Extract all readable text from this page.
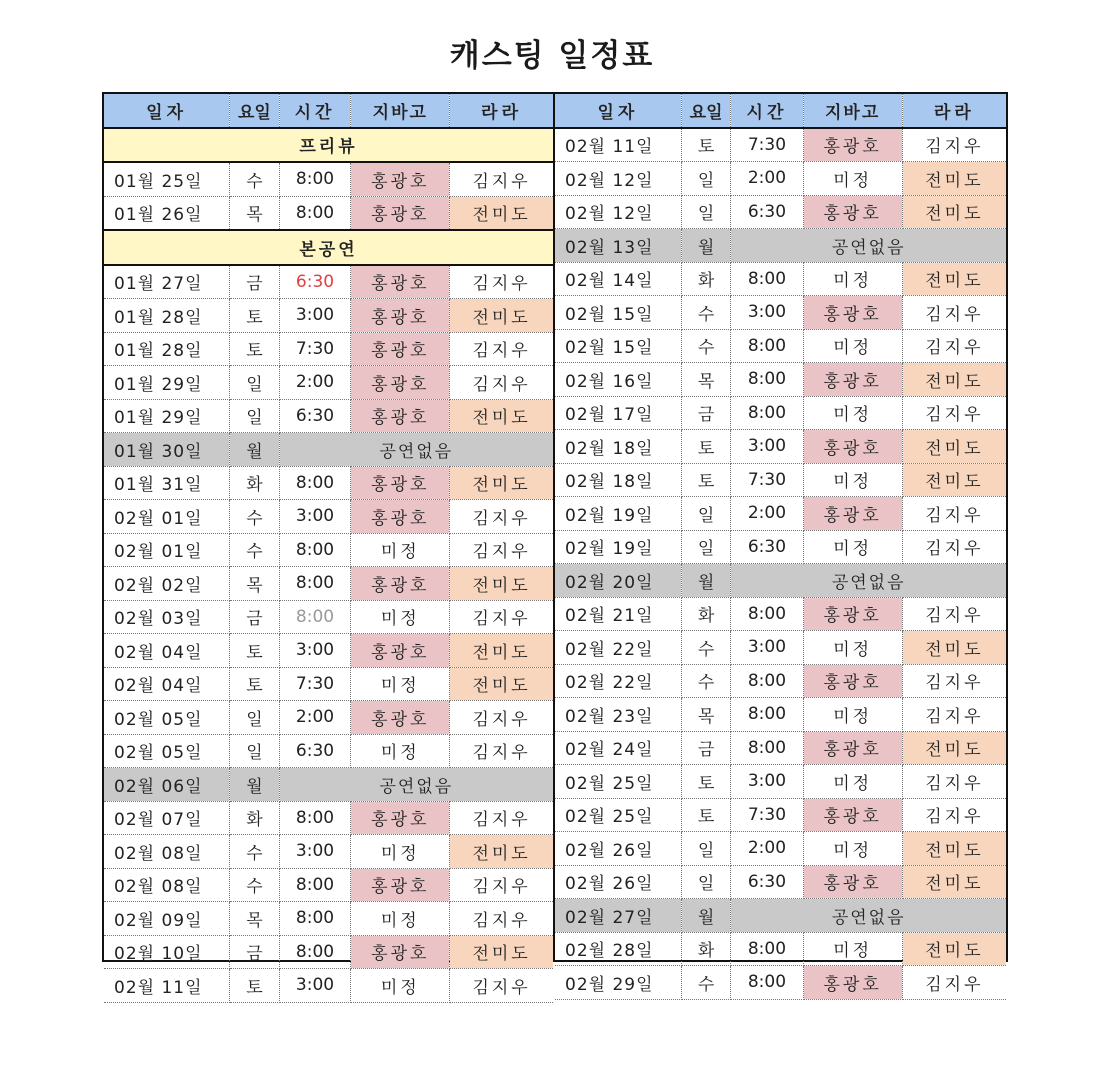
캐스팅 일정표
일자	요일	시간	지바고	라라
프리뷰				
01월 25일	수	8:00	홍광호	김지우
01월 26일	목	8:00	홍광호	전미도
본공연				
01월 27일	금	6:30	홍광호	김지우
01월 28일	토	3:00	홍광호	전미도
01월 28일	토	7:30	홍광호	김지우
01월 29일	일	2:00	홍광호	김지우
01월 29일	일	6:30	홍광호	전미도
01월 30일	월	공연없음		
01월 31일	화	8:00	홍광호	전미도
02월 01일	수	3:00	홍광호	김지우
02월 01일	수	8:00	미정	김지우
02월 02일	목	8:00	홍광호	전미도
02월 03일	금	8:00	미정	김지우
02월 04일	토	3:00	홍광호	전미도
02월 04일	토	7:30	미정	전미도
02월 05일	일	2:00	홍광호	김지우
02월 05일	일	6:30	미정	김지우
02월 06일	월	공연없음		
02월 07일	화	8:00	홍광호	김지우
02월 08일	수	3:00	미정	전미도
02월 08일	수	8:00	홍광호	김지우
02월 09일	목	8:00	미정	김지우
02월 10일	금	8:00	홍광호	전미도
02월 11일	토	3:00	미정	김지우
일자	요일	시간	지바고	라라
02월 11일	토	7:30	홍광호	김지우
02월 12일	일	2:00	미정	전미도
02월 12일	일	6:30	홍광호	전미도
02월 13일	월	공연없음		
02월 14일	화	8:00	미정	전미도
02월 15일	수	3:00	홍광호	김지우
02월 15일	수	8:00	미정	김지우
02월 16일	목	8:00	홍광호	전미도
02월 17일	금	8:00	미정	김지우
02월 18일	토	3:00	홍광호	전미도
02월 18일	토	7:30	미정	전미도
02월 19일	일	2:00	홍광호	김지우
02월 19일	일	6:30	미정	김지우
02월 20일	월	공연없음		
02월 21일	화	8:00	홍광호	김지우
02월 22일	수	3:00	미정	전미도
02월 22일	수	8:00	홍광호	김지우
02월 23일	목	8:00	미정	김지우
02월 24일	금	8:00	홍광호	전미도
02월 25일	토	3:00	미정	김지우
02월 25일	토	7:30	홍광호	김지우
02월 26일	일	2:00	미정	전미도
02월 26일	일	6:30	홍광호	전미도
02월 27일	월	공연없음		
02월 28일	화	8:00	미정	전미도
02월 29일	수	8:00	홍광호	김지우
